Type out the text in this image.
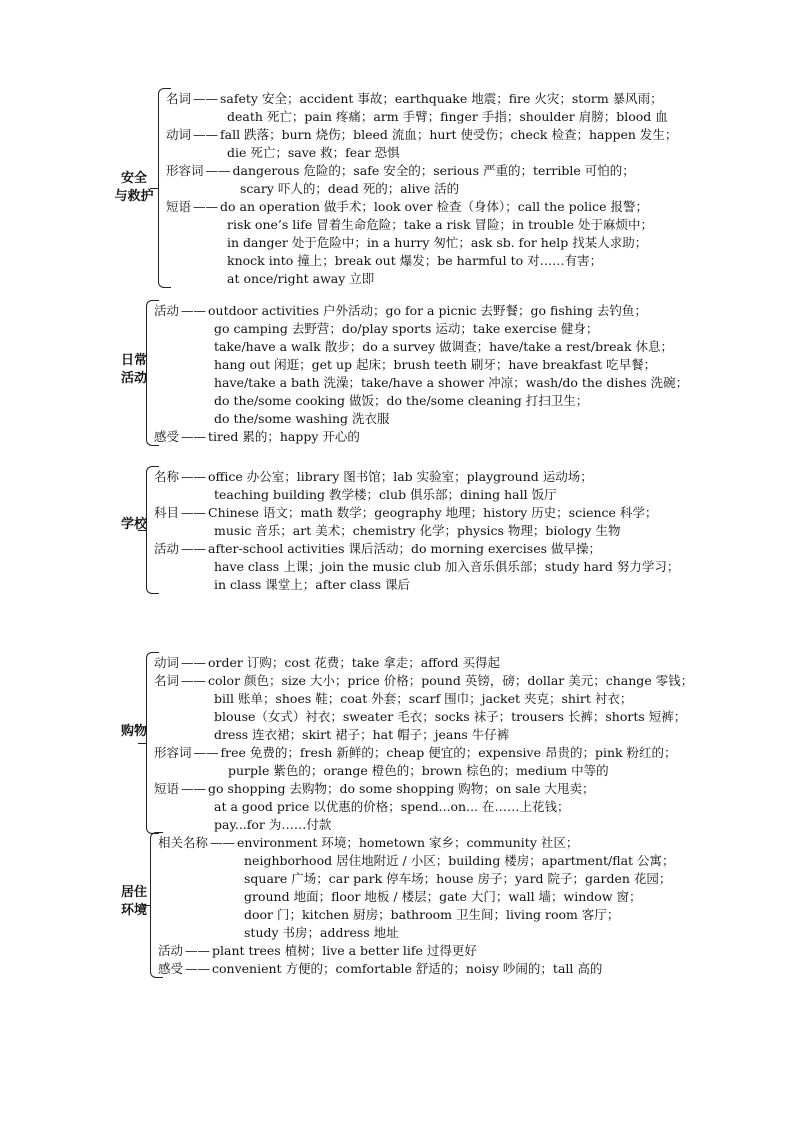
安全
与救护
名词 —— safety 安全；accident 事故；earthquake 地震；fire 火灾；storm 暴风雨；
death 死亡；pain 疼痛；arm 手臂；finger 手指；shoulder 肩膀；blood 血
动词 —— fall 跌落；burn 烧伤；bleed 流血；hurt 使受伤；check 检查；happen 发生；
die 死亡；save 救；fear 恐惧
形容词 —— dangerous 危险的；safe 安全的；serious 严重的；terrible 可怕的；
scary 吓人的；dead 死的；alive 活的
短语 —— do an operation 做手术；look over 检查（身体）；call the police 报警；
risk one’s life 冒着生命危险；take a risk 冒险；in trouble 处于麻烦中；
in danger 处于危险中；in a hurry 匆忙；ask sb. for help 找某人求助；
knock into 撞上；break out 爆发；be harmful to 对……有害；
at once/right away 立即
日常
活动
活动 —— outdoor activities 户外活动；go for a picnic 去野餐；go fishing 去钓鱼；
go camping 去野营；do/play sports 运动；take exercise 健身；
take/have a walk 散步；do a survey 做调查；have/take a rest/break 休息；
hang out 闲逛；get up 起床；brush teeth 刷牙；have breakfast 吃早餐；
have/take a bath 洗澡；take/have a shower 冲凉；wash/do the dishes 洗碗；
do the/some cooking 做饭；do the/some cleaning 打扫卫生；
do the/some washing 洗衣服
感受 —— tired 累的；happy 开心的
学校
名称 —— office 办公室；library 图书馆；lab 实验室；playground 运动场；
teaching building 教学楼；club 俱乐部；dining hall 饭厅
科目 —— Chinese 语文；math 数学；geography 地理；history 历史；science 科学；
music 音乐；art 美术；chemistry 化学；physics 物理；biology 生物
活动 —— after-school activities 课后活动；do morning exercises 做早操；
have class 上课；join the music club 加入音乐俱乐部；study hard 努力学习；
in class 课堂上；after class 课后
购物
动词 —— order 订购；cost 花费；take 拿走；afford 买得起
名词 —— color 颜色；size 大小；price 价格；pound 英镑，磅；dollar 美元；change 零钱；
bill 账单；shoes 鞋；coat 外套；scarf 围巾；jacket 夹克；shirt 衬衣；
blouse（女式）衬衣；sweater 毛衣；socks 袜子；trousers 长裤；shorts 短裤；
dress 连衣裙；skirt 裙子；hat 帽子；jeans 牛仔裤
形容词 —— free 免费的；fresh 新鲜的；cheap 便宜的；expensive 昂贵的；pink 粉红的；
purple 紫色的；orange 橙色的；brown 棕色的；medium 中等的
短语 —— go shopping 去购物；do some shopping 购物；on sale 大甩卖；
at a good price 以优惠的价格；spend...on... 在……上花钱；
pay...for 为……付款
居住
环境
相关名称 —— environment 环境；hometown 家乡；community 社区；
neighborhood 居住地附近 / 小区；building 楼房；apartment/flat 公寓；
square 广场；car park 停车场；house 房子；yard 院子；garden 花园；
ground 地面；floor 地板 / 楼层；gate 大门；wall 墙；window 窗；
door 门；kitchen 厨房；bathroom 卫生间；living room 客厅；
study 书房；address 地址
活动 —— plant trees 植树；live a better life 过得更好
感受 —— convenient 方便的；comfortable 舒适的；noisy 吵闹的；tall 高的
